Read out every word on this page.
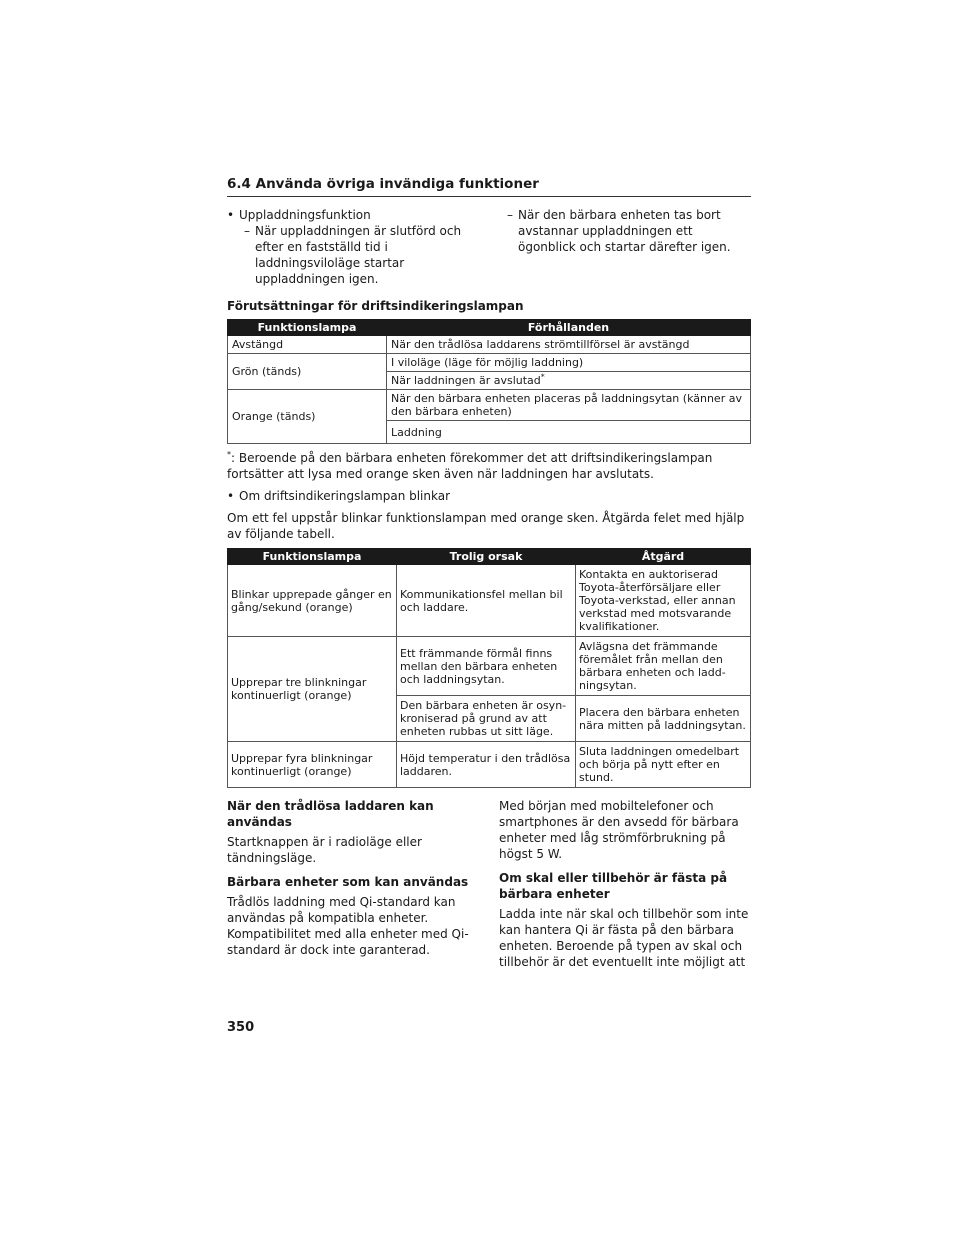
6.4 Använda övriga invändiga funktioner
• Uppladdningsfunktion
– När uppladdningen är slutförd och efter en fastställd tid i laddningsviloläge startar uppladdningen igen.
– När den bärbara enheten tas bort avstannar uppladdningen ett ögonblick och startar därefter igen.
Förutsättningar för driftsindikeringslampan
Funktionslampa	Förhållanden
Avstängd	När den trådlösa laddarens strömtillförsel är avstängd
Grön (tänds)	I viloläge (läge för möjlig laddning)
	När laddningen är avslutad*
Orange (tänds)	När den bärbara enheten placeras på laddningsytan (känner av den bärbara enheten)
	Laddning

*: Beroende på den bärbara enheten förekommer det att driftsindikeringslampan fortsätter att lysa med orange sken även när laddningen har avslutats.

• Om driftsindikeringslampan blinkar

Om ett fel uppstår blinkar funktionslampan med orange sken. Åtgärda felet med hjälp av följande tabell.

Funktionslampa	Trolig orsak	Åtgärd
Blinkar upprepade gånger en gång/sekund (orange)	Kommunikationsfel mellan bil och laddare.	Kontakta en auktoriserad Toyota-återförsäljare eller Toyota-verkstad, eller annan verkstad med motsvarande kvalifikationer.
Upprepar tre blinkningar kontinuerligt (orange)	Ett främmande förmål finns mellan den bärbara enheten och laddningsytan.	Avlägsna det främmande föremålet från mellan den bärbara enheten och laddningsytan.
	Den bärbara enheten är osynkroniserad på grund av att enheten rubbas ut sitt läge.	Placera den bärbara enheten nära mitten på laddningsytan.
Upprepar fyra blinkningar kontinuerligt (orange)	Höjd temperatur i den trådlösa laddaren.	Sluta laddningen omedelbart och börja på nytt efter en stund.
När den trådlösa laddaren kan användas

Startknappen är i radioläge eller tändningsläge.

Bärbara enheter som kan användas

Trådlös laddning med Qi-standard kan användas på kompatibla enheter. Kompatibilitet med alla enheter med Qi-standard är dock inte garanterad.

Med början med mobiltelefoner och smartphones är den avsedd för bärbara enheter med låg strömförbrukning på högst 5 W.

Om skal eller tillbehör är fästa på bärbara enheter

Ladda inte när skal och tillbehör som inte kan hantera Qi är fästa på den bärbara enheten. Beroende på typen av skal och tillbehör är det eventuellt inte möjligt att

350
